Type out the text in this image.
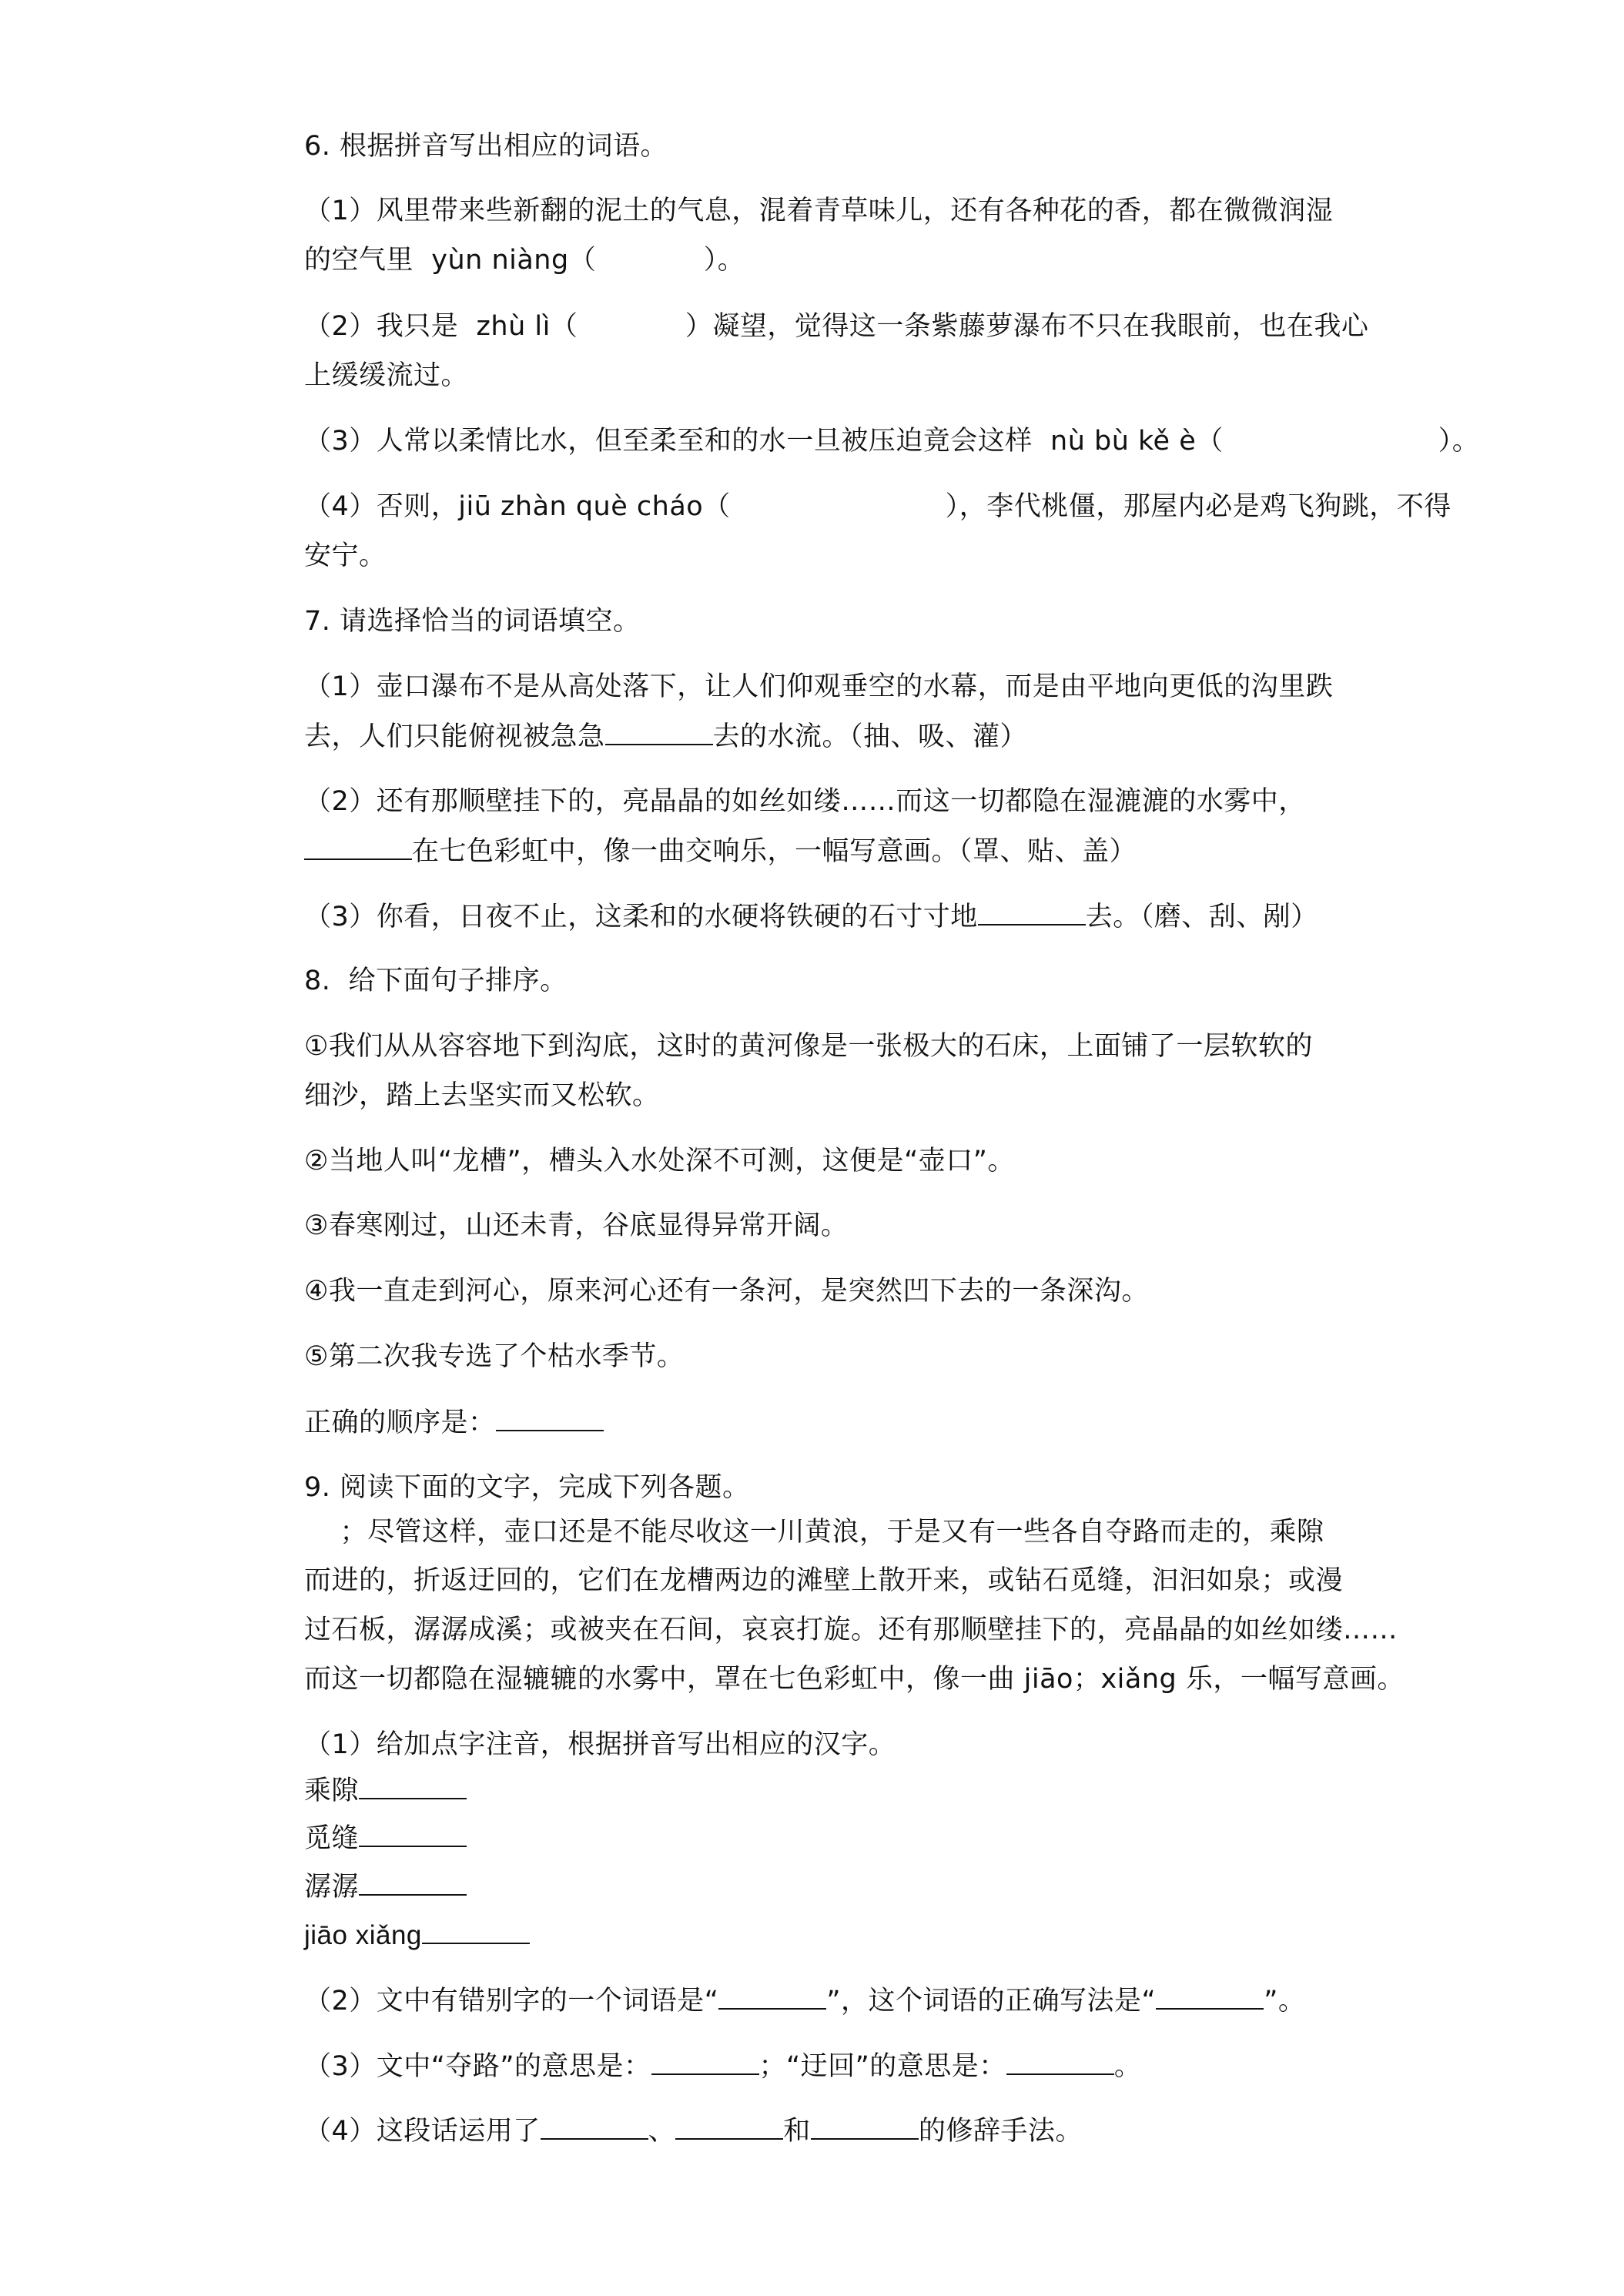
6. 根据拼音写出相应的词语。
（1）风里带来些新翻的泥土的气息，混着青草味儿，还有各种花的香，都在微微润湿
的空气里  yùn niàng（            ）。
（2）我只是  zhù lì（            ）凝望，觉得这一条紫藤萝瀑布不只在我眼前，也在我心
上缓缓流过。
（3）人常以柔情比水，但至柔至和的水一旦被压迫竟会这样  nù bù kě è（                        ）。
（4）否则，jiū zhàn què cháo（                        ），李代桃僵，那屋内必是鸡飞狗跳，不得
安宁。
7. 请选择恰当的词语填空。
（1）壶口瀑布不是从高处落下，让人们仰观垂空的水幕，而是由平地向更低的沟里跌
去，人们只能俯视被急急	去的水流。（抽、吸、灌）
（2）还有那顺壁挂下的，亮晶晶的如丝如缕……而这一切都隐在湿漉漉的水雾中，
在七色彩虹中，像一曲交响乐，一幅写意画。（罩、贴、盖）
（3）你看，日夜不止，这柔和的水硬将铁硬的石寸寸地	去。（磨、刮、剐）
8.  给下面句子排序。
①我们从从容容地下到沟底，这时的黄河像是一张极大的石床，上面铺了一层软软的
细沙，踏上去坚实而又松软。
②当地人叫“龙槽”，槽头入水处深不可测，这便是“壶口”。
③春寒刚过，山还未青，谷底显得异常开阔。
④我一直走到河心，原来河心还有一条河，是突然凹下去的一条深沟。
⑤第二次我专选了个枯水季节。
正确的顺序是：
9. 阅读下面的文字，完成下列各题。
；尽管这样，壶口还是不能尽收这一川黄浪，于是又有一些各自夺路而走的，乘隙
而进的，折返迂回的，它们在龙槽两边的滩壁上散开来，或钻石觅缝，汩汩如泉；或漫
过石板，潺潺成溪；或被夹在石间，哀哀打旋。还有那顺壁挂下的，亮晶晶的如丝如缕……
而这一切都隐在湿辘辘的水雾中，罩在七色彩虹中，像一曲 jiāo；xiǎng 乐，一幅写意画。
（1）给加点字注音，根据拼音写出相应的汉字。
乘隙
觅缝
潺潺
jiāo xiǎng
（2）文中有错别字的一个词语是“	”，这个词语的正确写法是“	”。
（3）文中“夺路”的意思是：	；“迂回”的意思是：	。
（4）这段话运用了	、	和	的修辞手法。
